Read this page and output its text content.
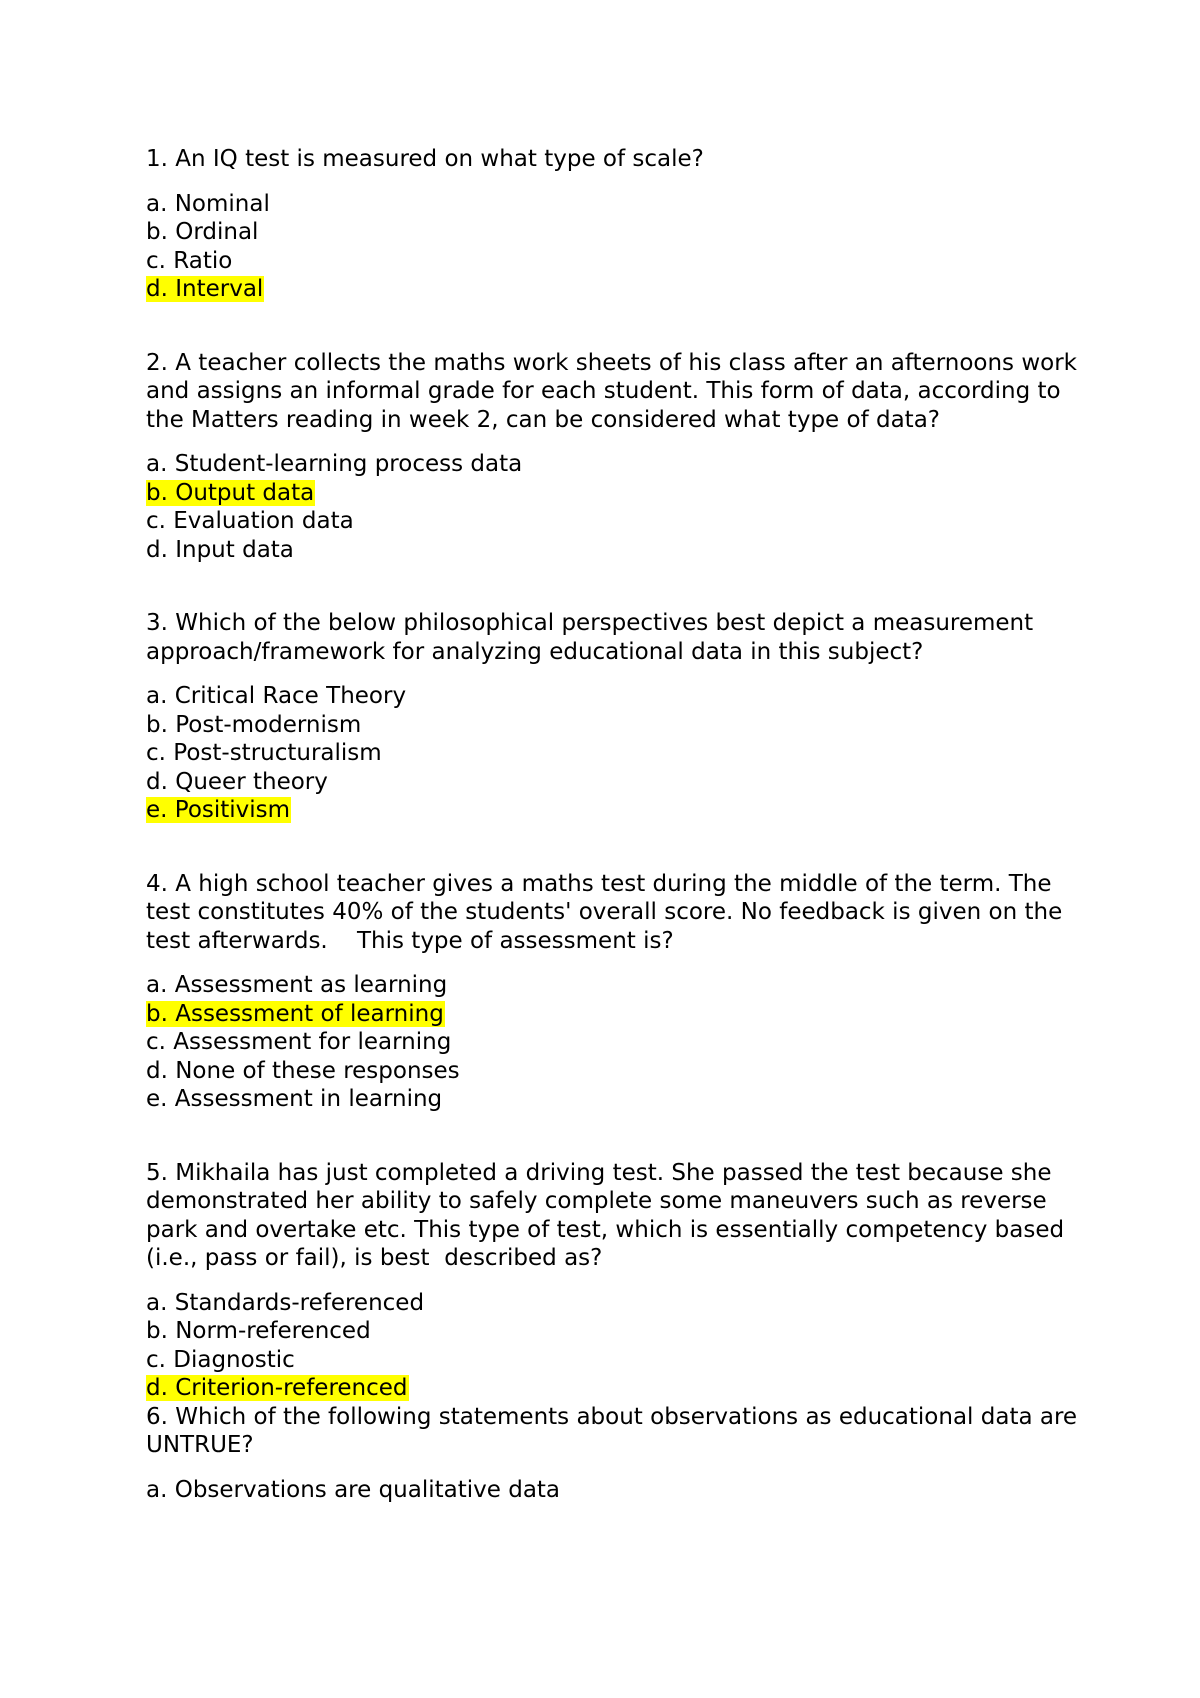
1. An IQ test is measured on what type of scale?

a. Nominal
b. Ordinal
c. Ratio
d. Interval

2. A teacher collects the maths work sheets of his class after an afternoons work and assigns an informal grade for each student. This form of data, according to the Matters reading in week 2, can be considered what type of data?

a. Student-learning process data
b. Output data
c. Evaluation data
d. Input data

3. Which of the below philosophical perspectives best depict a measurement approach/framework for analyzing educational data in this subject?

a. Critical Race Theory
b. Post-modernism
c. Post-structuralism
d. Queer theory
e. Positivism

4. A high school teacher gives a maths test during the middle of the term. The test constitutes 40% of the students' overall score. No feedback is given on the test afterwards.    This type of assessment is?

a. Assessment as learning
b. Assessment of learning
c. Assessment for learning
d. None of these responses
e. Assessment in learning

5. Mikhaila has just completed a driving test. She passed the test because she demonstrated her ability to safely complete some maneuvers such as reverse park and overtake etc. This type of test, which is essentially competency based (i.e., pass or fail), is best  described as?

a. Standards-referenced
b. Norm-referenced
c. Diagnostic
d. Criterion-referenced

6. Which of the following statements about observations as educational data are UNTRUE?

a. Observations are qualitative data
